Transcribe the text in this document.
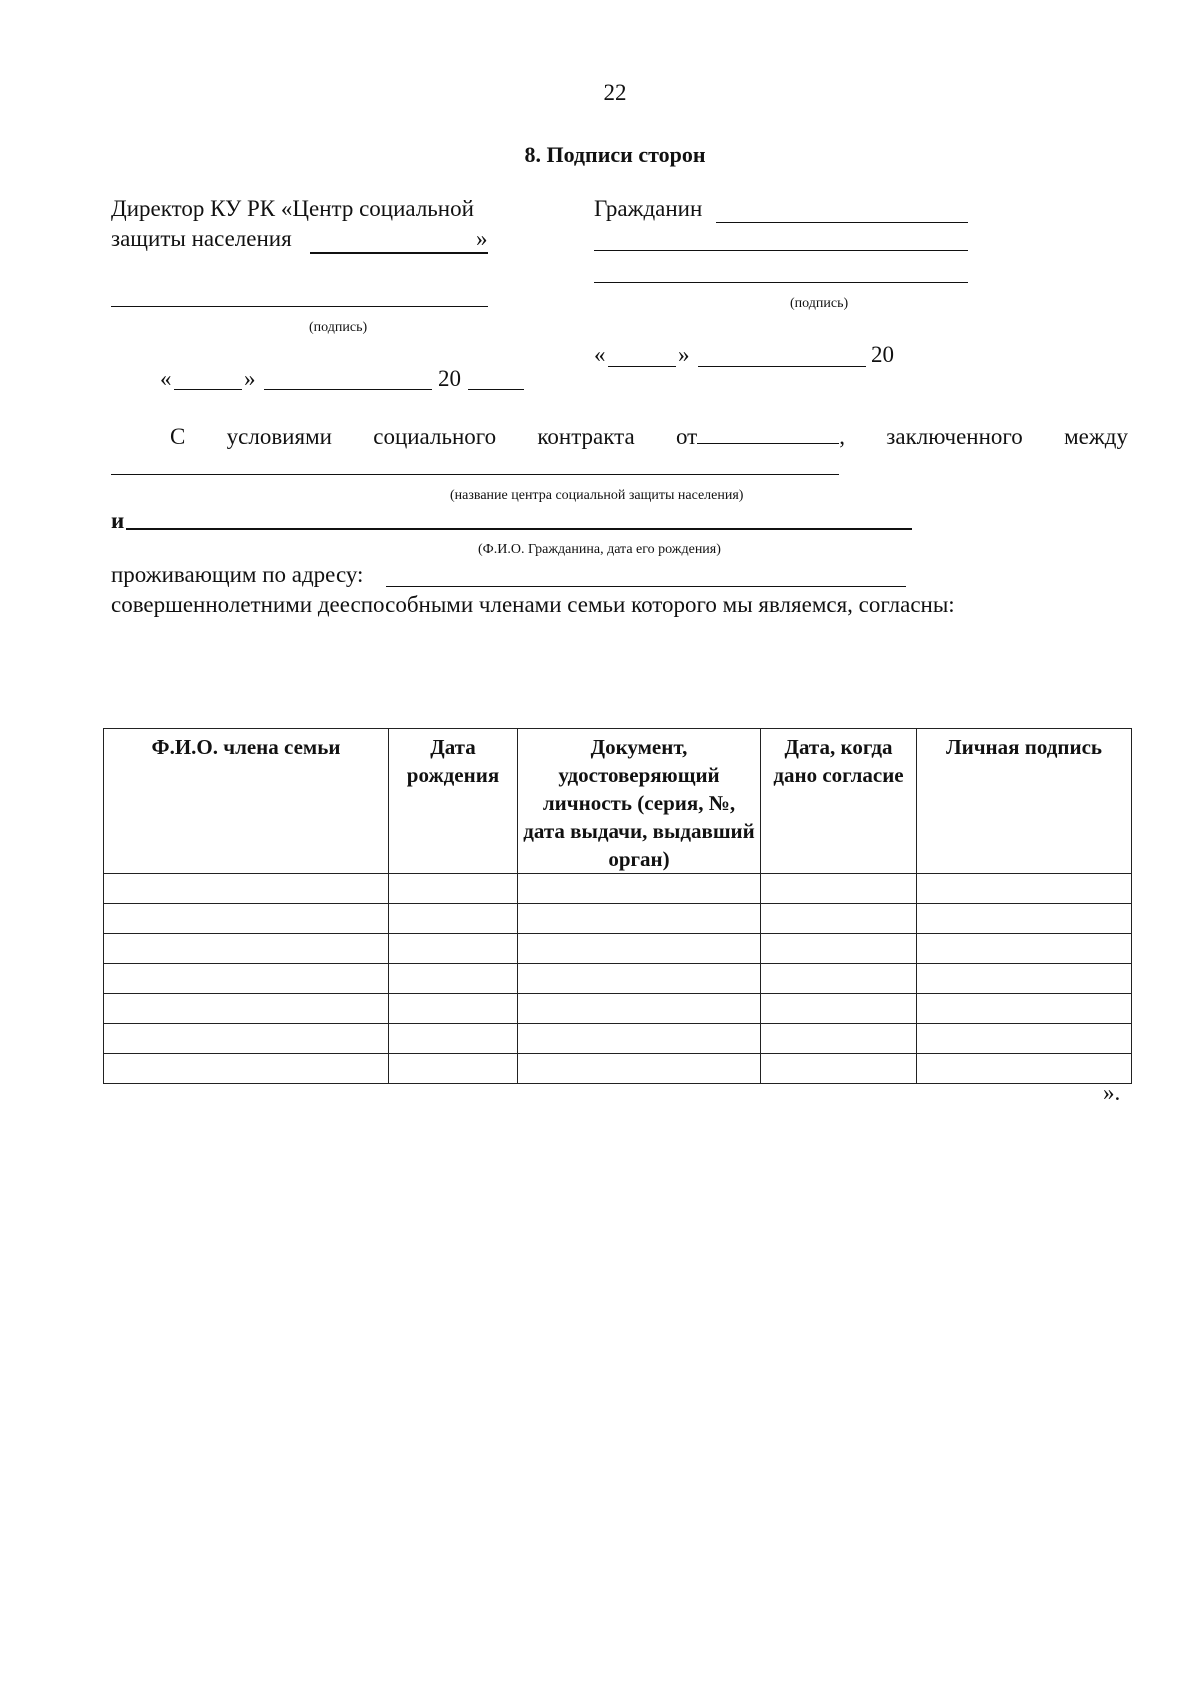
22
8. Подписи сторон
Директор КУ РК «Центр социальной
защиты населения	»
(подпись)
«	»	20
Гражданин
(подпись)
«	»	20
С условиями социального контракта от	, заключенного между
(название центра социальной защиты населения)
и
(Ф.И.О. Гражданина, дата его рождения)
проживающим по адресу:
совершеннолетними дееспособными членами семьи которого мы являемся, согласны:
Ф.И.О. члена семьи	Дата рождения	Документ, удостоверяющий личность (серия, №, дата выдачи, выдавший орган)	Дата, когда дано согласие	Личная подпись

».
